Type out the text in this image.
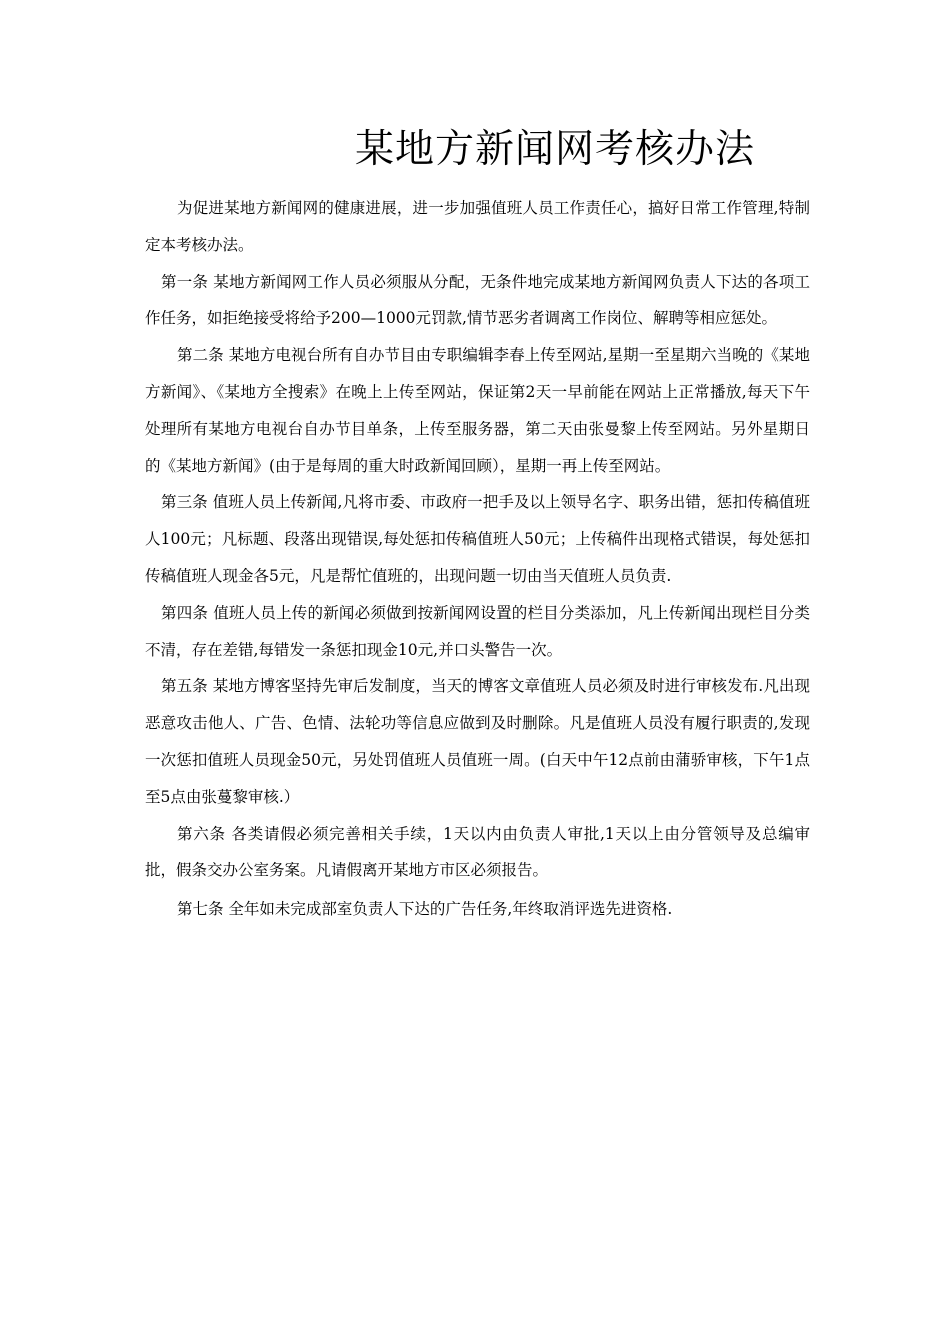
某地方新闻网考核办法

为促进某地方新闻网的健康进展，进一步加强值班人员工作责任心，搞好日常工作管理,特制定本考核办法。

第一条 某地方新闻网工作人员必须服从分配，无条件地完成某地方新闻网负责人下达的各项工作任务，如拒绝接受将给予200—1000元罚款,情节恶劣者调离工作岗位、解聘等相应惩处。

第二条 某地方电视台所有自办节目由专职编辑李春上传至网站,星期一至星期六当晚的《某地方新闻》、《某地方全搜索》在晚上上传至网站，保证第2天一早前能在网站上正常播放,每天下午处理所有某地方电视台自办节目单条，上传至服务器，第二天由张曼黎上传至网站。另外星期日的《某地方新闻》(由于是每周的重大时政新闻回顾），星期一再上传至网站。

第三条 值班人员上传新闻,凡将市委、市政府一把手及以上领导名字、职务出错，惩扣传稿值班人100元；凡标题、段落出现错误,每处惩扣传稿值班人50元；上传稿件出现格式错误，每处惩扣传稿值班人现金各5元，凡是帮忙值班的，出现问题一切由当天值班人员负责.

第四条 值班人员上传的新闻必须做到按新闻网设置的栏目分类添加，凡上传新闻出现栏目分类不清，存在差错,每错发一条惩扣现金10元,并口头警告一次。

第五条 某地方博客坚持先审后发制度，当天的博客文章值班人员必须及时进行审核发布.凡出现恶意攻击他人、广告、色情、法轮功等信息应做到及时删除。凡是值班人员没有履行职责的,发现一次惩扣值班人员现金50元，另处罚值班人员值班一周。(白天中午12点前由蒲骄审核，下午1点至5点由张蔓黎审核.）

第六条 各类请假必须完善相关手续，1天以内由负责人审批,1天以上由分管领导及总编审批，假条交办公室务案。凡请假离开某地方市区必须报告。

第七条 全年如未完成部室负责人下达的广告任务,年终取消评选先进资格.
